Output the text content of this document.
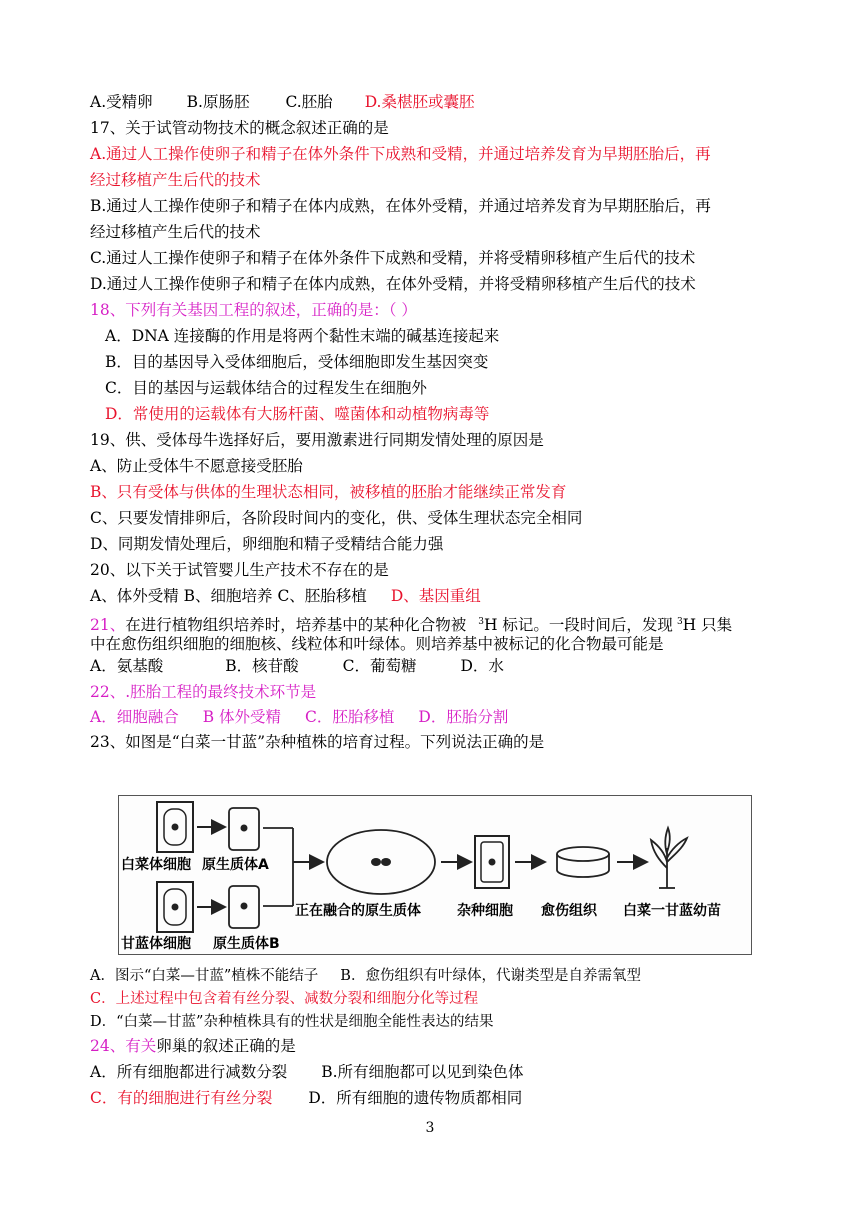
A.受精卵 B.原肠胚 C.胚胎 D.桑椹胚或囊胚
17、关于试管动物技术的概念叙述正确的是
A.通过人工操作使卵子和精子在体外条件下成熟和受精，并通过培养发育为早期胚胎后，再
经过移植产生后代的技术
B.通过人工操作使卵子和精子在体内成熟，在体外受精，并通过培养发育为早期胚胎后，再
经过移植产生后代的技术
C.通过人工操作使卵子和精子在体外条件下成熟和受精，并将受精卵移植产生后代的技术
D.通过人工操作使卵子和精子在体内成熟，在体外受精，并将受精卵移植产生后代的技术
18、下列有关基因工程的叙述，正确的是：（ ）
A．DNA 连接酶的作用是将两个黏性末端的碱基连接起来
B．目的基因导入受体细胞后，受体细胞即发生基因突变
C．目的基因与运载体结合的过程发生在细胞外
D．常使用的运载体有大肠杆菌、噬菌体和动植物病毒等
19、供、受体母牛选择好后，要用激素进行同期发情处理的原因是
A、防止受体牛不愿意接受胚胎
B、只有受体与供体的生理状态相同，被移植的胚胎才能继续正常发育
C、只要发情排卵后，各阶段时间内的变化，供、受体生理状态完全相同
D、同期发情处理后，卵细胞和精子受精结合能力强
20、以下关于试管婴儿生产技术不存在的是
A、体外受精 B、细胞培养 C、胚胎移植 D、基因重组
21、在进行植物组织培养时，培养基中的某种化合物被 $^3$H 标记。一段时间后，发现 $^3$H 只集
中在愈伤组织细胞的细胞核、线粒体和叶绿体。则培养基中被标记的化合物最可能是
A．氨基酸	B．核苷酸	C．葡萄糖	D．水
22、.胚胎工程的最终技术环节是
A．细胞融合 B 体外受精 C．胚胎移植 D．胚胎分割
23、如图是“白菜一甘蓝”杂种植株的培育过程。下列说法正确的是
白菜体细胞 原生质体A
甘蓝体细胞 原生质体B
正在融合的原生质体	杂种细胞 愈伤组织 白菜一甘蓝幼苗
A．图示“白菜—甘蓝”植株不能结子 B．愈伤组织有叶绿体，代谢类型是自养需氧型
C．上述过程中包含着有丝分裂、减数分裂和细胞分化等过程
D．“白菜—甘蓝”杂种植株具有的性状是细胞全能性表达的结果
24、有关卵巢的叙述正确的是
A．所有细胞都进行减数分裂 B.所有细胞都可以见到染色体
C．有的细胞进行有丝分裂 D．所有细胞的遗传物质都相同
3
